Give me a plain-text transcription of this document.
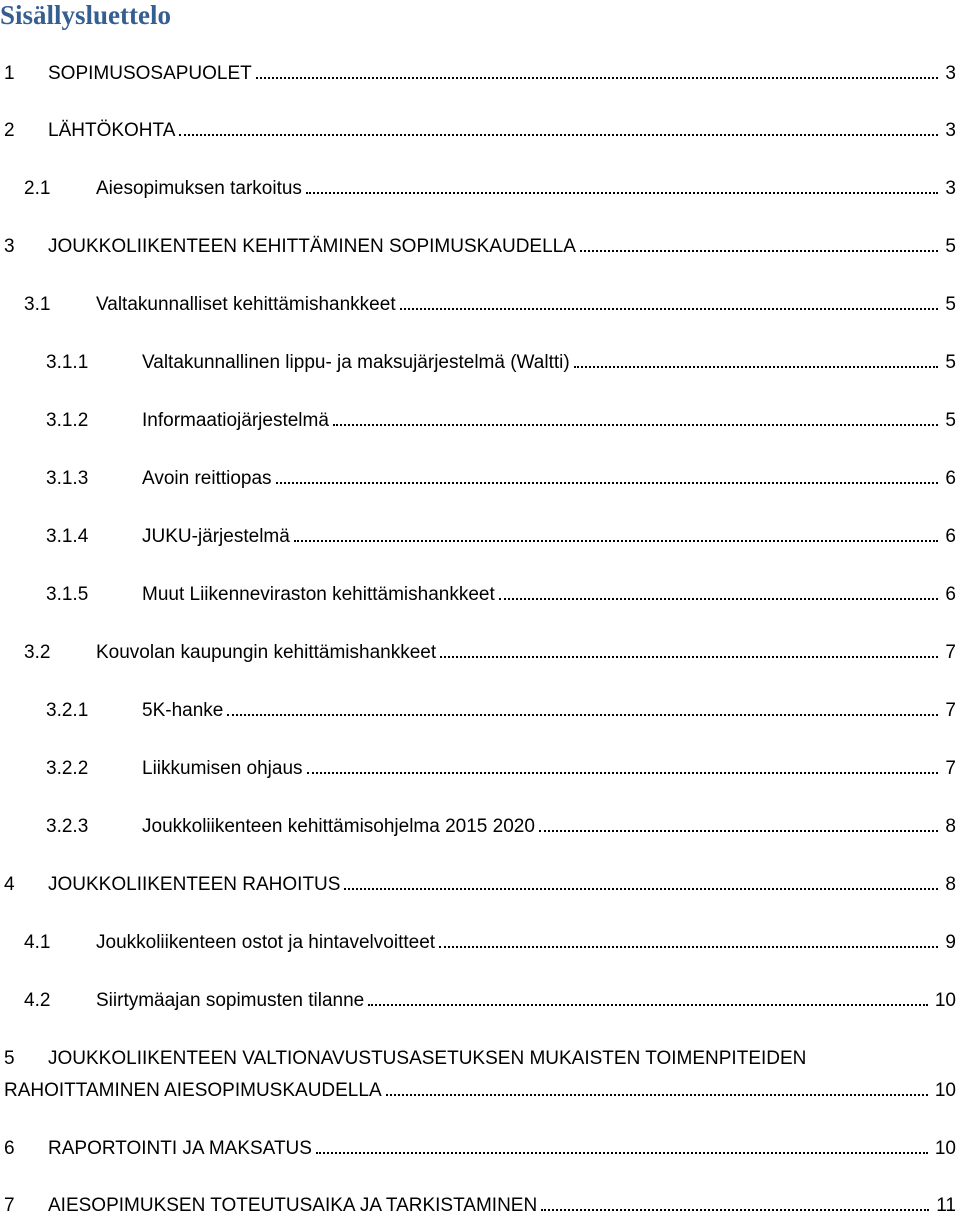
Sisällysluettelo
1 SOPIMUSOSAPUOLET	3
2 LÄHTÖKOHTA	3
2.1 Aiesopimuksen tarkoitus	3
3 JOUKKOLIIKENTEEN KEHITTÄMINEN SOPIMUSKAUDELLA	5
3.1 Valtakunnalliset kehittämishankkeet	5
3.1.1	Valtakunnallinen lippu- ja maksujärjestelmä (Waltti)	5
3.1.2	Informaatiojärjestelmä	5
3.1.3	Avoin reittiopas	6
3.1.4	JUKU-järjestelmä	6
3.1.5	Muut Liikenneviraston kehittämishankkeet	6
3.2 Kouvolan kaupungin kehittämishankkeet	7
3.2.1	5K-hanke	7
3.2.2	Liikkumisen ohjaus	7
3.2.3	Joukkoliikenteen kehittämisohjelma 2015 2020	8
4 JOUKKOLIIKENTEEN RAHOITUS	8
4.1 Joukkoliikenteen ostot ja hintavelvoitteet	9
4.2 Siirtymäajan sopimusten tilanne	10
5 JOUKKOLIIKENTEEN VALTIONAVUSTUSASETUKSEN MUKAISTEN TOIMENPITEIDEN
RAHOITTAMINEN AIESOPIMUSKAUDELLA	10
6 RAPORTOINTI JA MAKSATUS	10
7 AIESOPIMUKSEN TOTEUTUSAIKA JA TARKISTAMINEN	11
